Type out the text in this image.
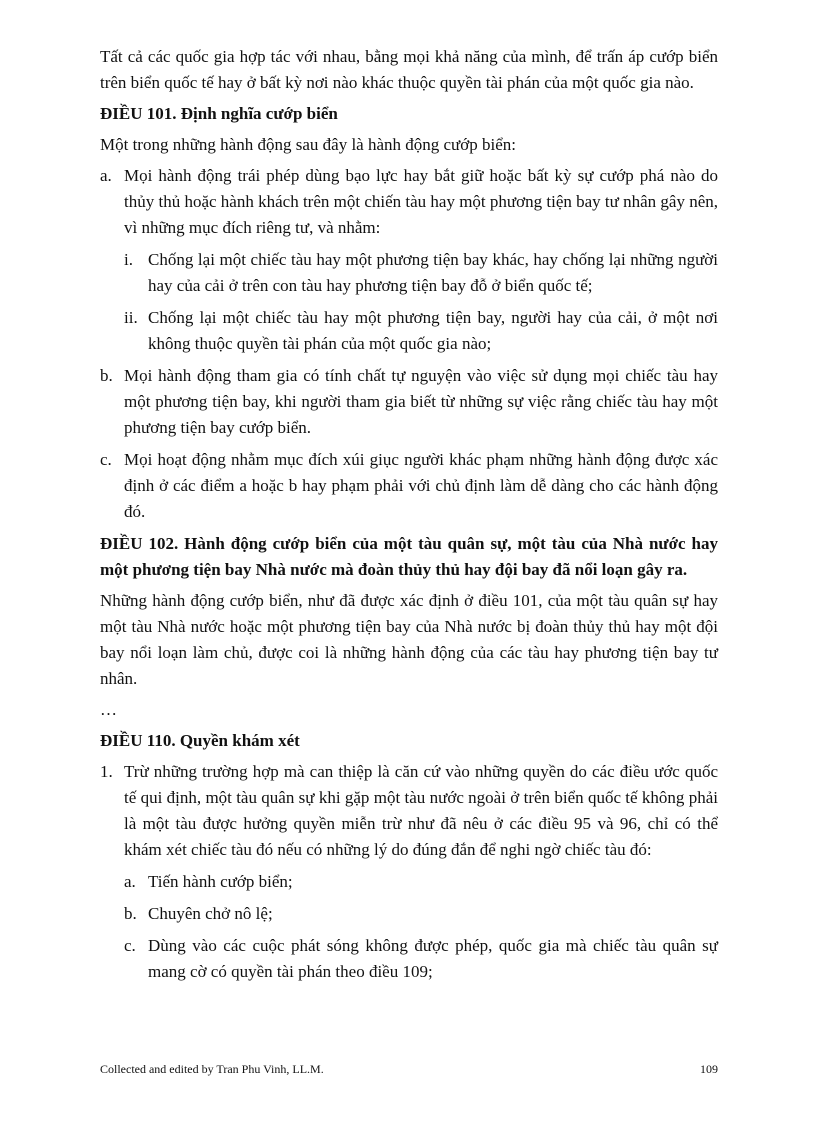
Tất cả các quốc gia hợp tác với nhau, bằng mọi khả năng của mình, để trấn áp cướp biển trên biển quốc tế hay ở bất kỳ nơi nào khác thuộc quyền tài phán của một quốc gia nào.

ĐIỀU 101. Định nghĩa cướp biển

Một trong những hành động sau đây là hành động cướp biển:

a. Mọi hành động trái phép dùng bạo lực hay bắt giữ hoặc bất kỳ sự cướp phá nào do thủy thủ hoặc hành khách trên một chiến tàu hay một phương tiện bay tư nhân gây nên, vì những mục đích riêng tư, và nhằm:
i. Chống lại một chiếc tàu hay một phương tiện bay khác, hay chống lại những người hay của cải ở trên con tàu hay phương tiện bay đỗ ở biển quốc tế;
ii. Chống lại một chiếc tàu hay một phương tiện bay, người hay của cải, ở một nơi không thuộc quyền tài phán của một quốc gia nào;
b. Mọi hành động tham gia có tính chất tự nguyện vào việc sử dụng mọi chiếc tàu hay một phương tiện bay, khi người tham gia biết từ những sự việc rằng chiếc tàu hay một phương tiện bay cướp biển.
c. Mọi hoạt động nhằm mục đích xúi giục người khác phạm những hành động được xác định ở các điểm a hoặc b hay phạm phải với chủ định làm dễ dàng cho các hành động đó.
ĐIỀU 102. Hành động cướp biển của một tàu quân sự, một tàu của Nhà nước hay một phương tiện bay Nhà nước mà đoàn thủy thủ hay đội bay đã nổi loạn gây ra.

Những hành động cướp biển, như đã được xác định ở điều 101, của một tàu quân sự hay một tàu Nhà nước hoặc một phương tiện bay của Nhà nước bị đoàn thủy thủ hay một đội bay nổi loạn làm chủ, được coi là những hành động của các tàu hay phương tiện bay tư nhân.

…

ĐIỀU 110. Quyền khám xét
1. Trừ những trường hợp mà can thiệp là căn cứ vào những quyền do các điều ước quốc tế qui định, một tàu quân sự khi gặp một tàu nước ngoài ở trên biển quốc tế không phải là một tàu được hưởng quyền miễn trừ như đã nêu ở các điều 95 và 96, chỉ có thể khám xét chiếc tàu đó nếu có những lý do đúng đắn để nghi ngờ chiếc tàu đó:
a. Tiến hành cướp biển;
b. Chuyên chở nô lệ;
c. Dùng vào các cuộc phát sóng không được phép, quốc gia mà chiếc tàu quân sự mang cờ có quyền tài phán theo điều 109;
Collected and edited by Tran Phu Vinh, LL.M.	109
